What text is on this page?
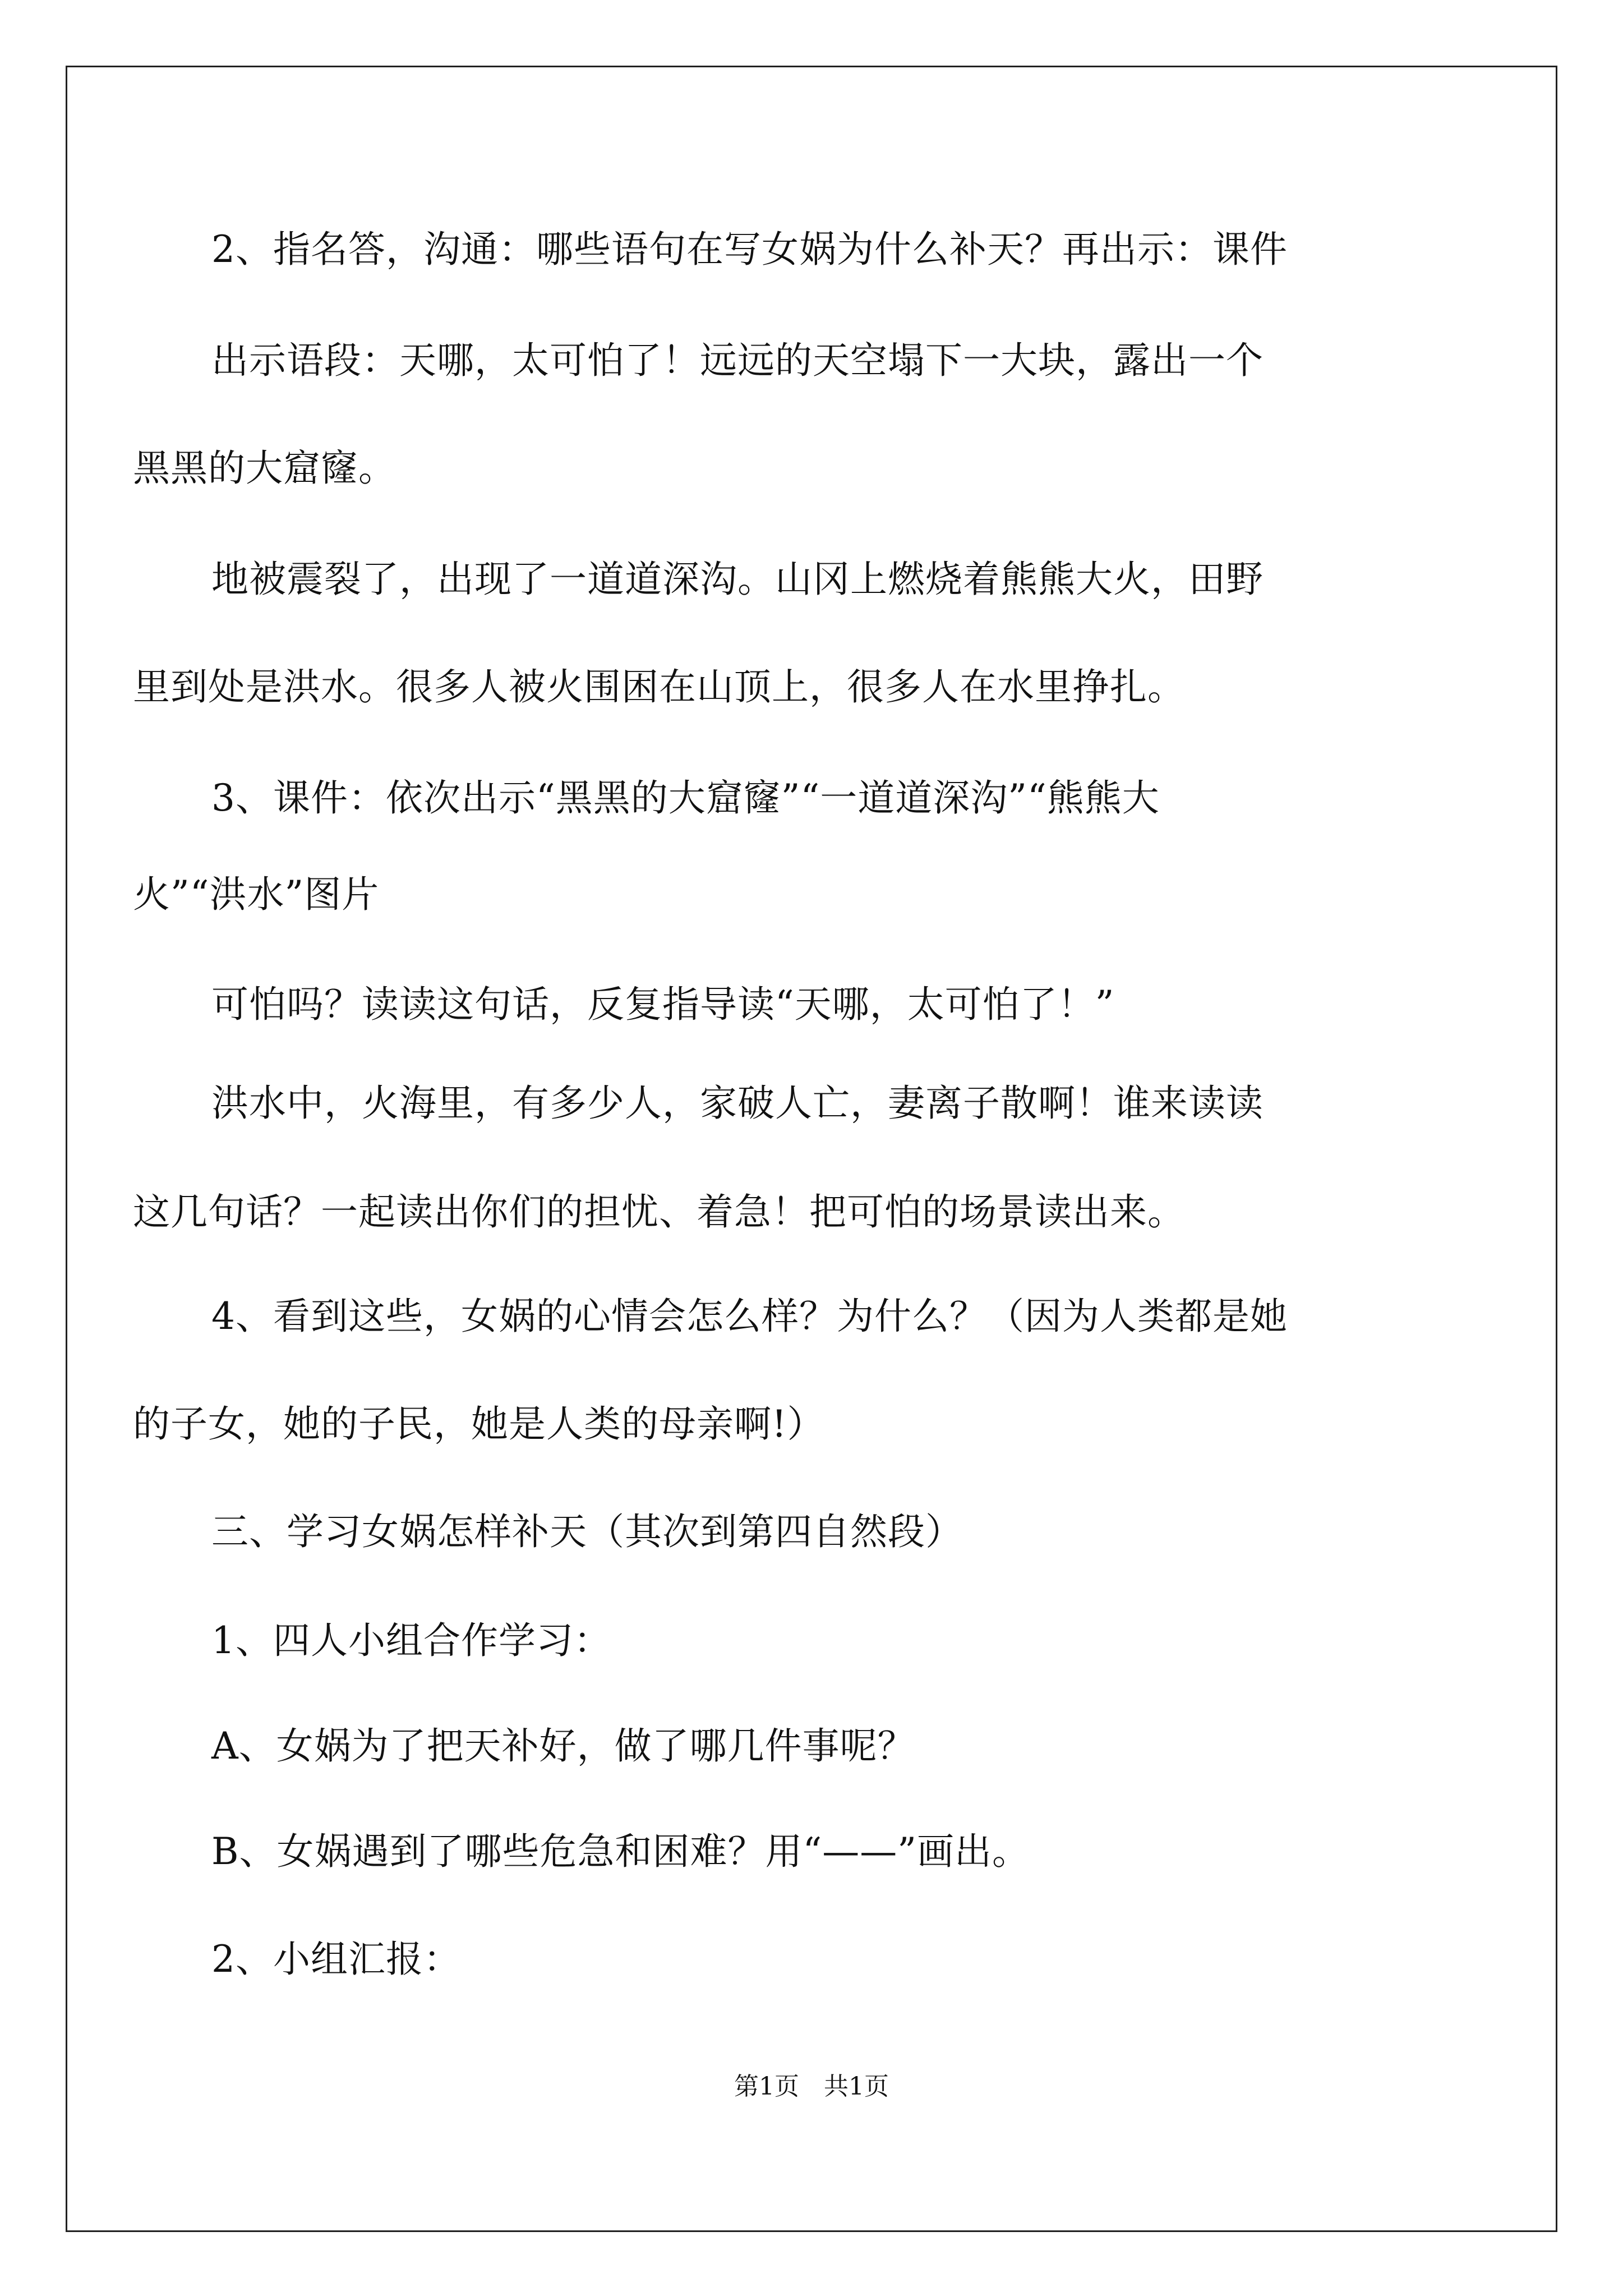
2、指名答，沟通：哪些语句在写女娲为什么补天？再出示：课件
出示语段：天哪，太可怕了！远远的天空塌下一大块，露出一个
黑黑的大窟窿。
地被震裂了，出现了一道道深沟。山冈上燃烧着熊熊大火，田野
里到处是洪水。很多人被火围困在山顶上，很多人在水里挣扎。
3、课件：依次出示“黑黑的大窟窿”“一道道深沟”“熊熊大
火”“洪水”图片
可怕吗？读读这句话，反复指导读“天哪，太可怕了！”
洪水中，火海里，有多少人，家破人亡，妻离子散啊！谁来读读
这几句话？一起读出你们的担忧、着急！把可怕的场景读出来。
4、看到这些，女娲的心情会怎么样？为什么？（因为人类都是她
的子女，她的子民，她是人类的母亲啊!）
三、学习女娲怎样补天（其次到第四自然段）
1、四人小组合作学习：
A、女娲为了把天补好，做了哪几件事呢？
B、女娲遇到了哪些危急和困难？用“——”画出。
2、小组汇报：
第1页　共1页
